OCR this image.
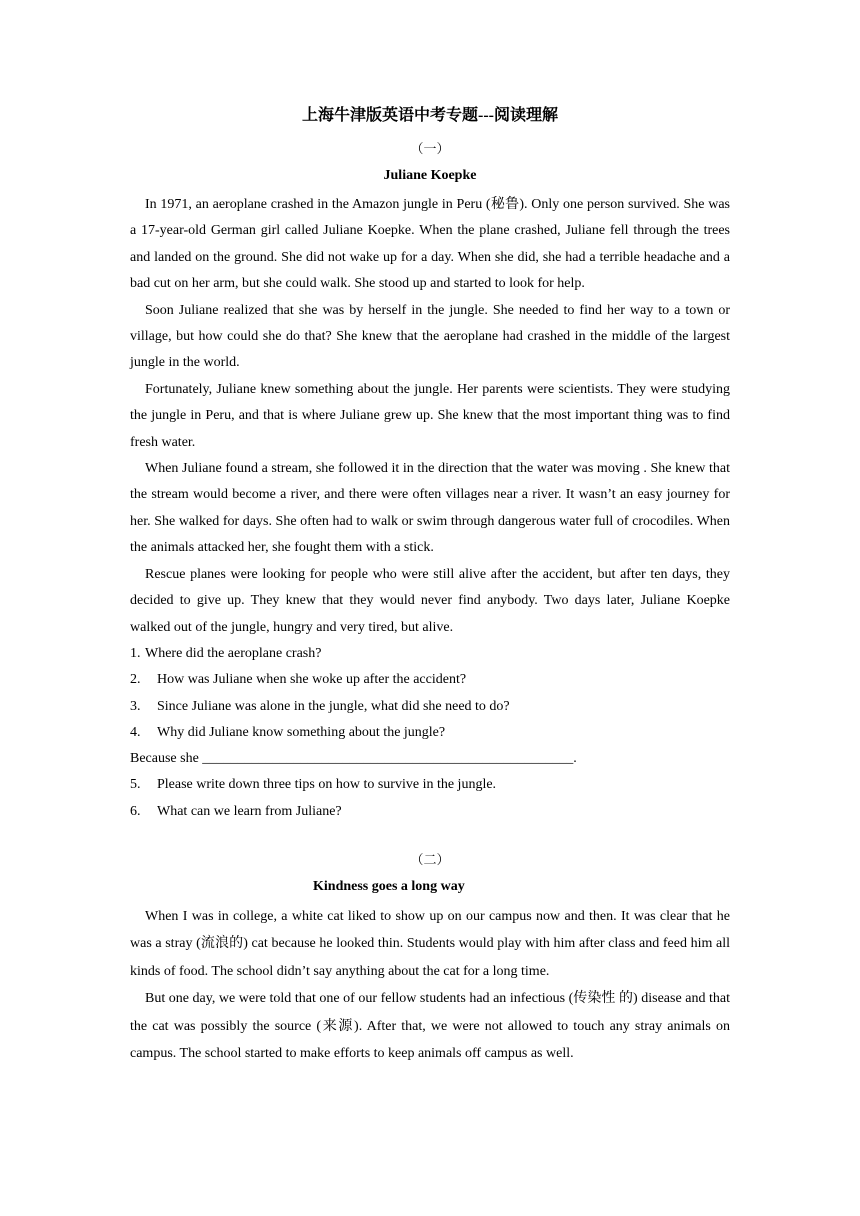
上海牛津版英语中考专题---阅读理解
（一）
Juliane Koepke

In 1971, an aeroplane crashed in the Amazon jungle in Peru (秘鲁). Only one person survived. She was a 17-year-old German girl called Juliane Koepke. When the plane crashed, Juliane fell through the trees and landed on the ground. She did not wake up for a day. When she did, she had a terrible headache and a bad cut on her arm, but she could walk. She stood up and started to look for help.

Soon Juliane realized that she was by herself in the jungle. She needed to find her way to a town or village, but how could she do that? She knew that the aeroplane had crashed in the middle of the largest jungle in the world.

Fortunately, Juliane knew something about the jungle. Her parents were scientists. They were studying the jungle in Peru, and that is where Juliane grew up. She knew that the most important thing was to find fresh water.

When Juliane found a stream, she followed it in the direction that the water was moving . She knew that the stream would become a river, and there were often villages near a river. It wasn’t an easy journey for her. She walked for days. She often had to walk or swim through dangerous water full of crocodiles. When the animals attacked her, she fought them with a stick.

Rescue planes were looking for people who were still alive after the accident, but after ten days, they decided to give up. They knew that they would never find anybody. Two days later, Juliane Koepke walked out of the jungle, hungry and very tired, but alive.

1. Where did the aeroplane crash?
2. How was Juliane when she woke up after the accident?
3. Since Juliane was alone in the jungle, what did she need to do?
4. Why did Juliane know something about the jungle?
Because she _____________________________________________________.
5. Please write down three tips on how to survive in the jungle.
6. What can we learn from Juliane?
（二）
Kindness goes a long way

When I was in college, a white cat liked to show up on our campus now and then. It was clear that he was a stray (流浪的) cat because he looked thin. Students would play with him after class and feed him all kinds of food. The school didn’t say anything about the cat for a long time.

But one day, we were told that one of our fellow students had an infectious (传染性 的) disease and that the cat was possibly the source (来源). After that, we were not allowed to touch any stray animals on campus. The school started to make efforts to keep animals off campus as well.
